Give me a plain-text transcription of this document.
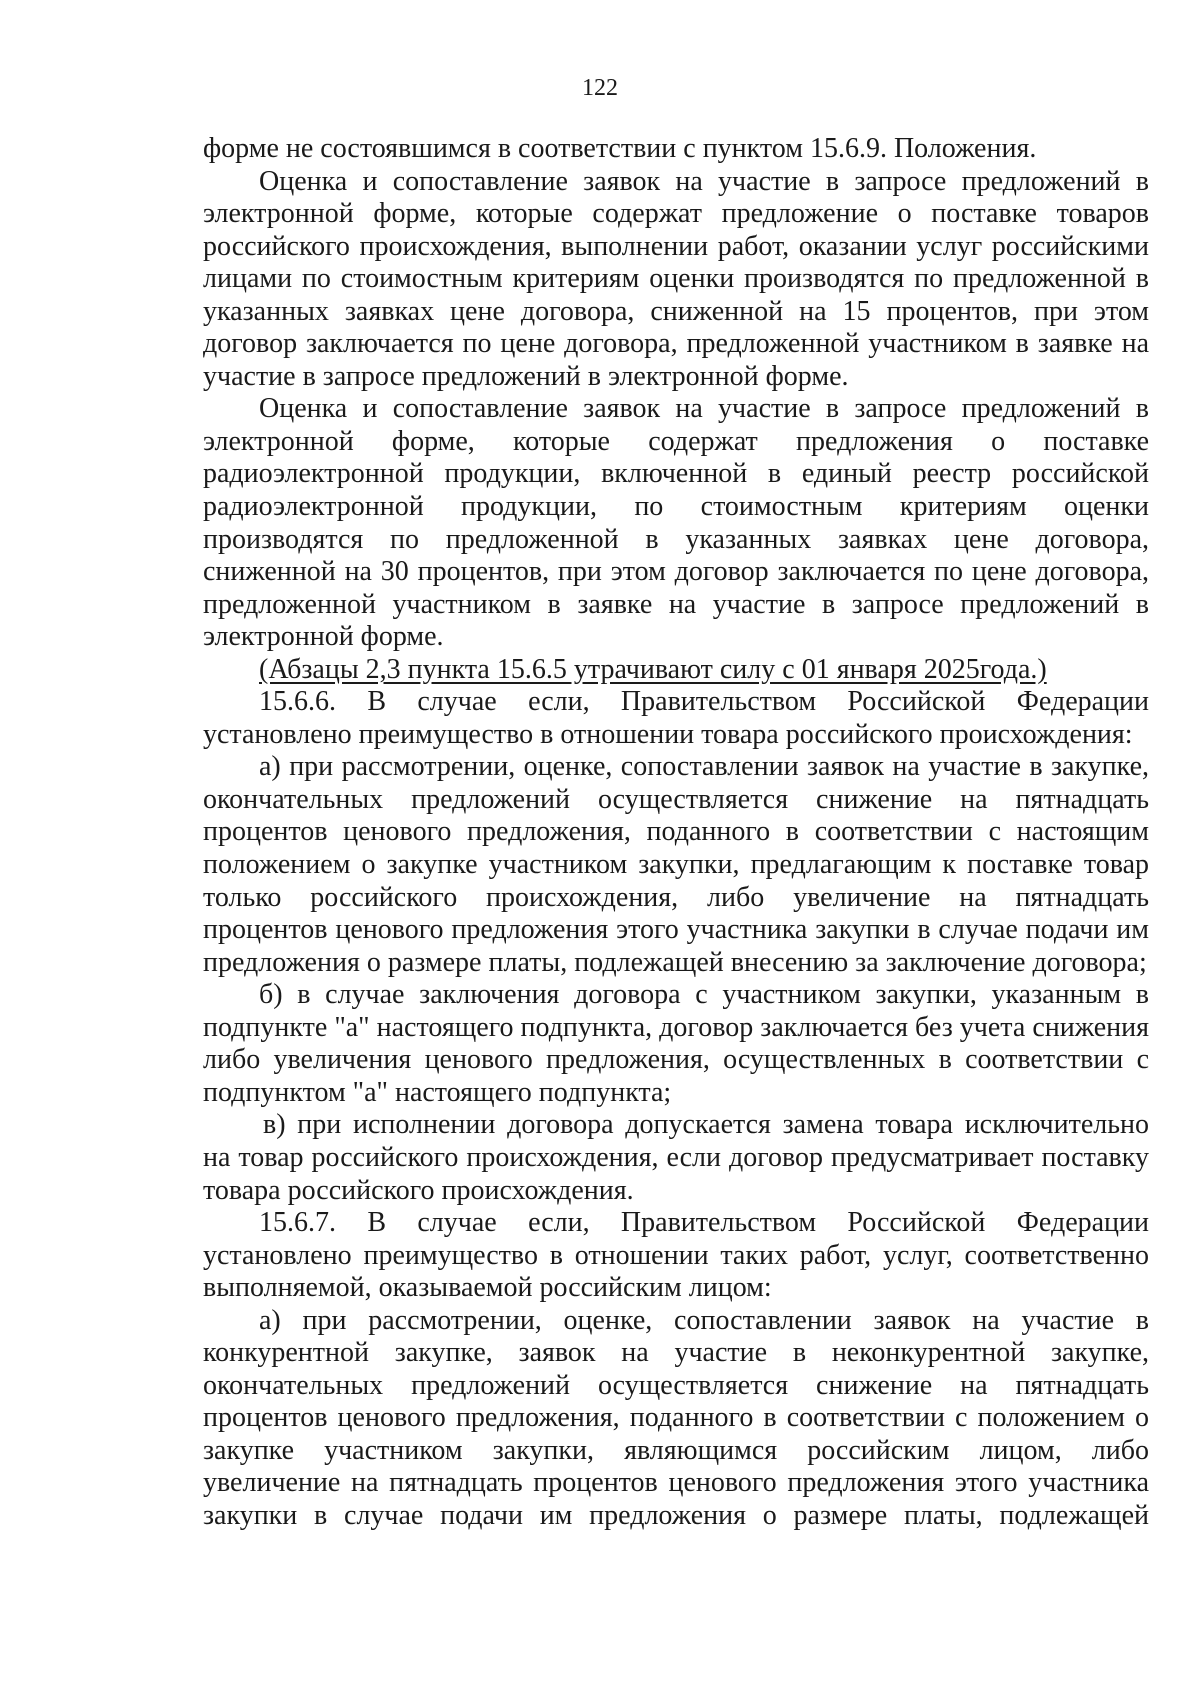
122

форме не состоявшимся в соответствии с пунктом 15.6.9. Положения.

Оценка и сопоставление заявок на участие в запросе предложений в электронной форме, которые содержат предложение о поставке товаров российского происхождения, выполнении работ, оказании услуг российскими лицами по стоимостным критериям оценки производятся по предложенной в указанных заявках цене договора, сниженной на 15 процентов, при этом договор заключается по цене договора, предложенной участником в заявке на участие в запросе предложений в электронной форме.

Оценка и сопоставление заявок на участие в запросе предложений в электронной форме, которые содержат предложения о поставке радиоэлектронной продукции, включенной в единый реестр российской радиоэлектронной продукции, по стоимостным критериям оценки производятся по предложенной в указанных заявках цене договора, сниженной на 30 процентов, при этом договор заключается по цене договора, предложенной участником в заявке на участие в запросе предложений в электронной форме.

(Абзацы 2,3 пункта 15.6.5 утрачивают силу с 01 января 2025года.)

15.6.6. В случае если, Правительством Российской Федерации установлено преимущество в отношении товара российского происхождения:

а) при рассмотрении, оценке, сопоставлении заявок на участие в закупке, окончательных предложений осуществляется снижение на пятнадцать процентов ценового предложения, поданного в соответствии с настоящим положением о закупке участником закупки, предлагающим к поставке товар только российского происхождения, либо увеличение на пятнадцать процентов ценового предложения этого участника закупки в случае подачи им предложения о размере платы, подлежащей внесению за заключение договора;

б) в случае заключения договора с участником закупки, указанным в подпункте "а" настоящего подпункта, договор заключается без учета снижения либо увеличения ценового предложения, осуществленных в соответствии с подпунктом "а" настоящего подпункта;

в) при исполнении договора допускается замена товара исключительно на товар российского происхождения, если договор предусматривает поставку товара российского происхождения.

15.6.7. В случае если, Правительством Российской Федерации установлено преимущество в отношении таких работ, услуг, соответственно выполняемой, оказываемой российским лицом:

а) при рассмотрении, оценке, сопоставлении заявок на участие в конкурентной закупке, заявок на участие в неконкурентной закупке, окончательных предложений осуществляется снижение на пятнадцать процентов ценового предложения, поданного в соответствии с положением о закупке участником закупки, являющимся российским лицом, либо увеличение на пятнадцать процентов ценового предложения этого участника закупки в случае подачи им предложения о размере платы, подлежащей
